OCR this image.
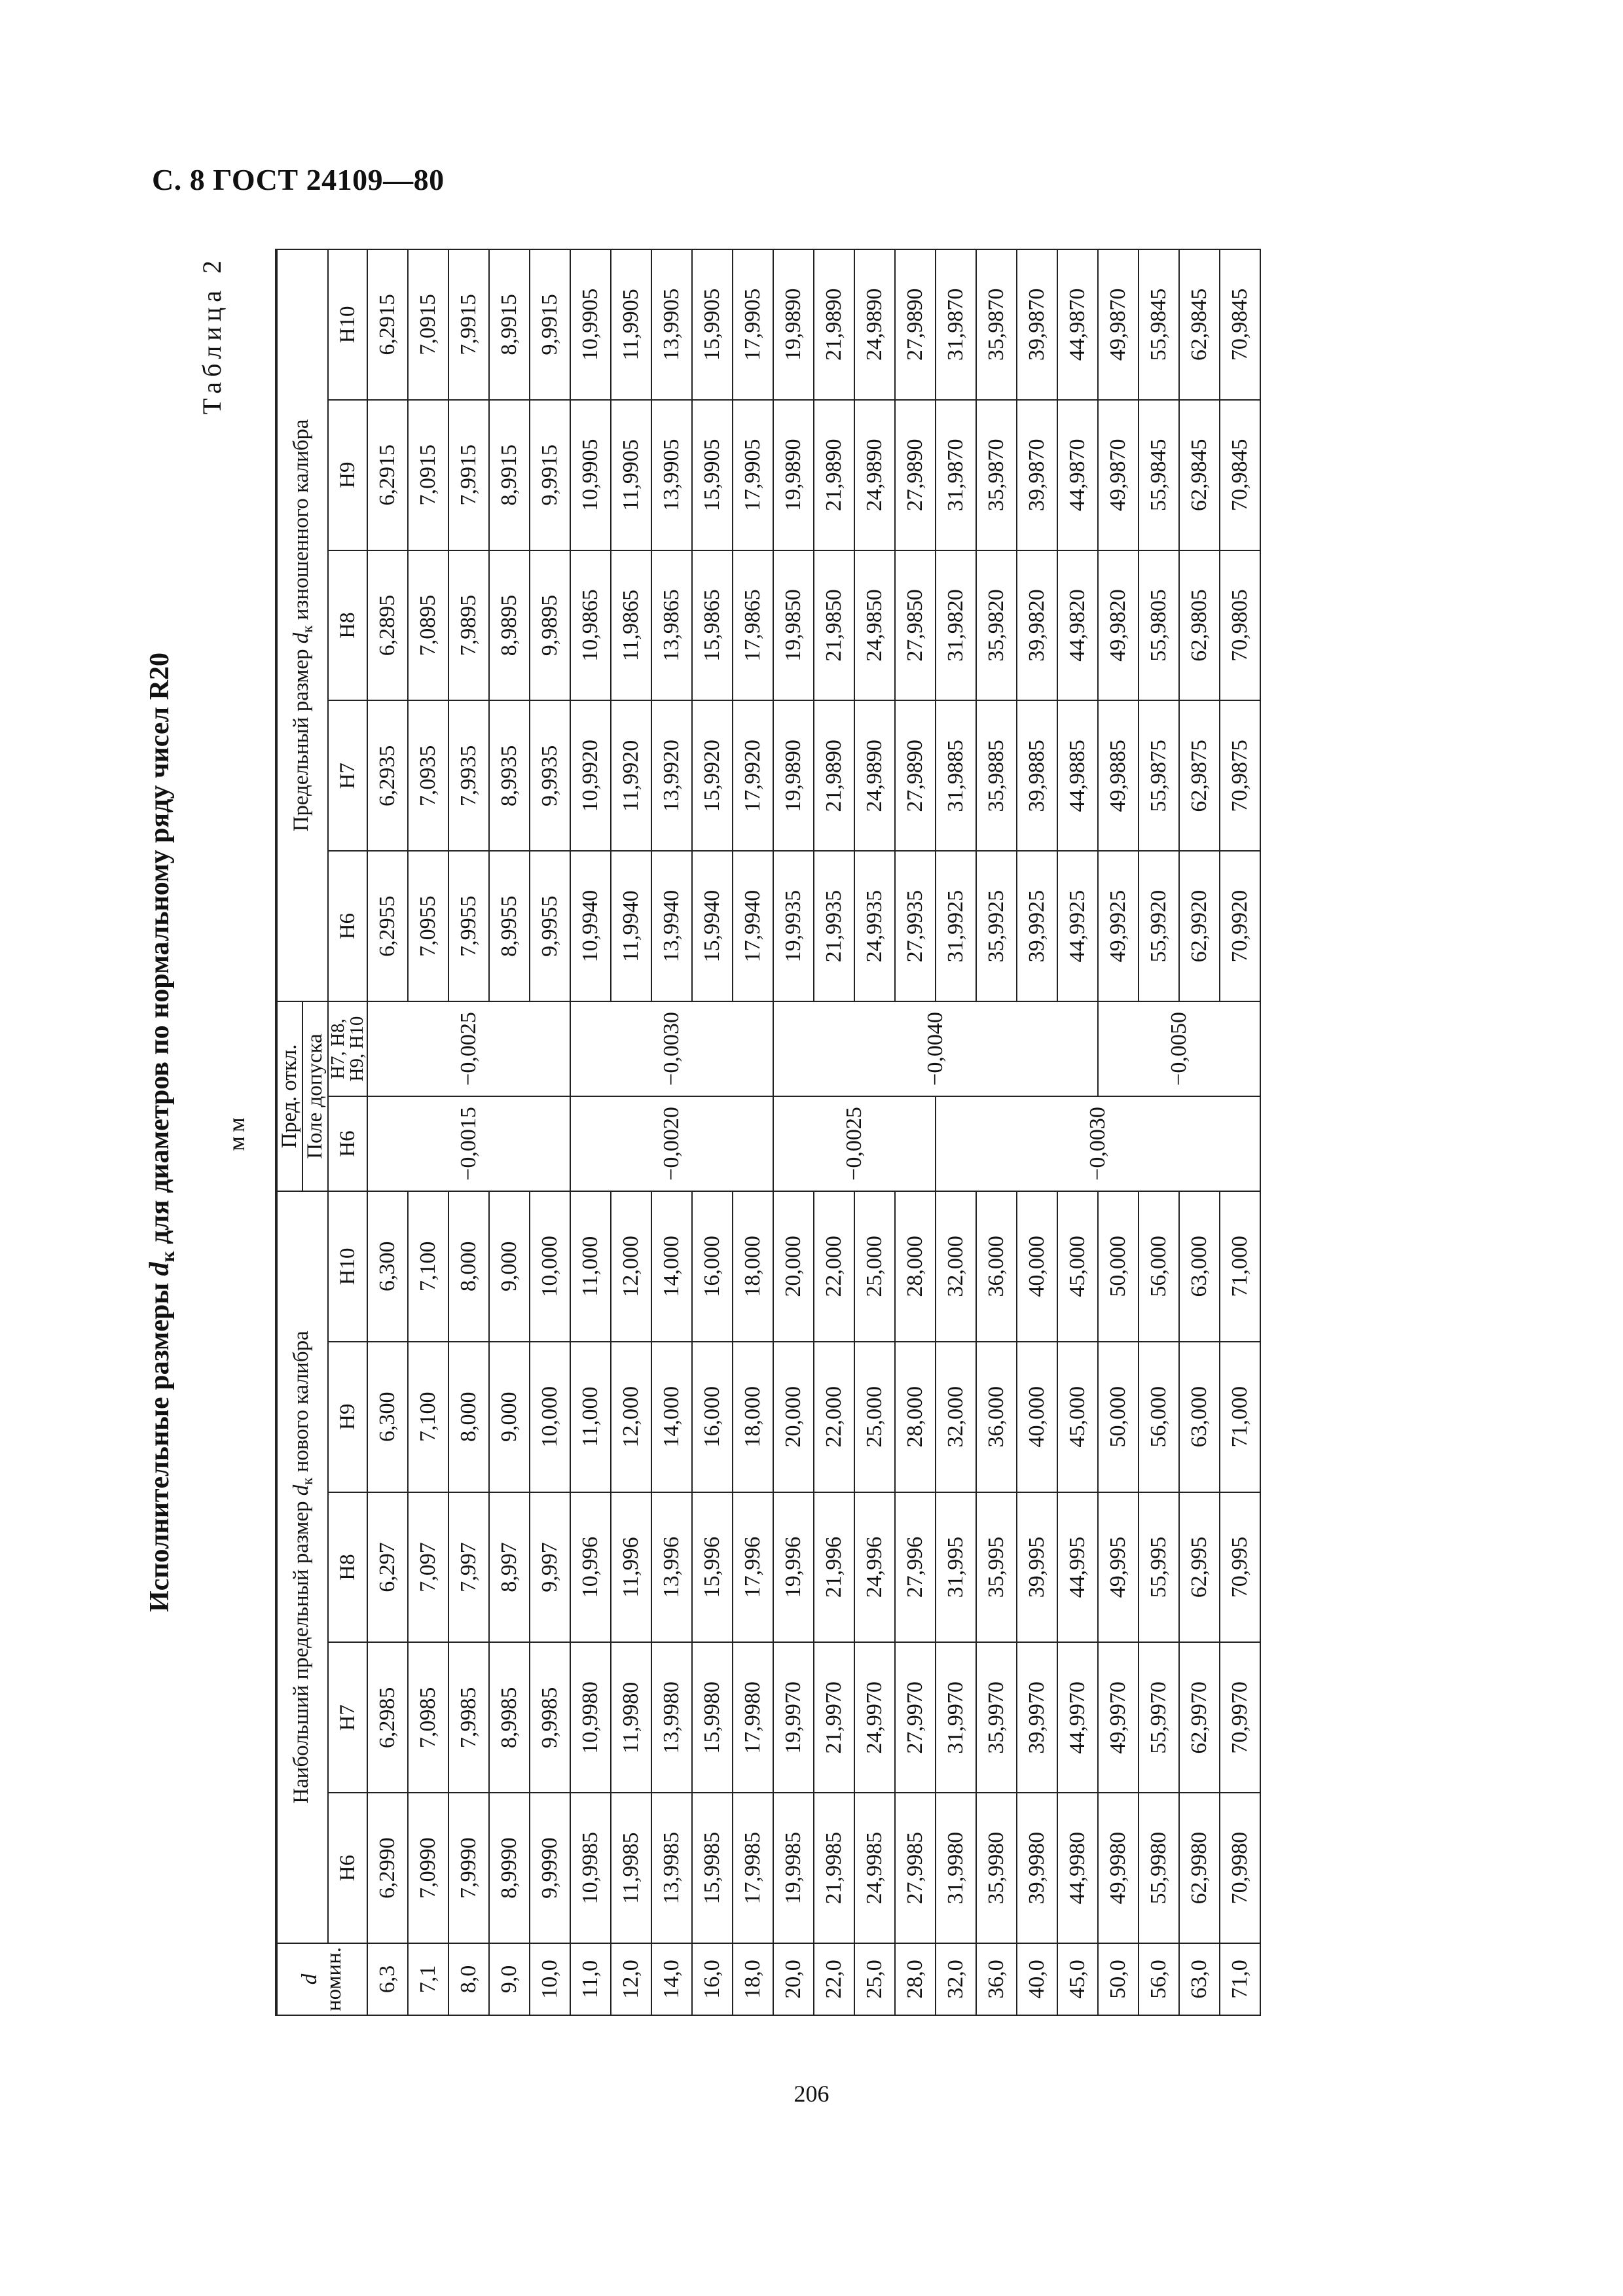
С. 8 ГОСТ 24109—80
Исполнительные размеры $d_к$ для диаметров по нормальному ряду чисел R20
Таблица 2
мм
d
номин.	Наибольший предельный размер $d_к$ нового калибра					Пред. откл.		Предельный размер $d_к$ изношенного калибра				
						Поле допуска						
	Н6	Н7	Н8	Н9	Н10	Н6	Н7, Н8, Н9, Н10	Н6	Н7	Н8	Н9	Н10
6,3	6,2990	6,2985	6,297	6,300	6,300	−0,0015	−0,0025	6,2955	6,2935	6,2895	6,2915	6,2915
7,1	7,0990	7,0985	7,097	7,100	7,100			7,0955	7,0935	7,0895	7,0915	7,0915
8,0	7,9990	7,9985	7,997	8,000	8,000			7,9955	7,9935	7,9895	7,9915	7,9915
9,0	8,9990	8,9985	8,997	9,000	9,000			8,9955	8,9935	8,9895	8,9915	8,9915
10,0	9,9990	9,9985	9,997	10,000	10,000			9,9955	9,9935	9,9895	9,9915	9,9915
11,0	10,9985	10,9980	10,996	11,000	11,000	−0,0020	−0,0030	10,9940	10,9920	10,9865	10,9905	10,9905
12,0	11,9985	11,9980	11,996	12,000	12,000			11,9940	11,9920	11,9865	11,9905	11,9905
14,0	13,9985	13,9980	13,996	14,000	14,000			13,9940	13,9920	13,9865	13,9905	13,9905
16,0	15,9985	15,9980	15,996	16,000	16,000			15,9940	15,9920	15,9865	15,9905	15,9905
18,0	17,9985	17,9980	17,996	18,000	18,000			17,9940	17,9920	17,9865	17,9905	17,9905
20,0	19,9985	19,9970	19,996	20,000	20,000	−0,0025	−0,0040	19,9935	19,9890	19,9850	19,9890	19,9890
22,0	21,9985	21,9970	21,996	22,000	22,000			21,9935	21,9890	21,9850	21,9890	21,9890
25,0	24,9985	24,9970	24,996	25,000	25,000			24,9935	24,9890	24,9850	24,9890	24,9890
28,0	27,9985	27,9970	27,996	28,000	28,000			27,9935	27,9890	27,9850	27,9890	27,9890
32,0	31,9980	31,9970	31,995	32,000	32,000	−0,0030		31,9925	31,9885	31,9820	31,9870	31,9870
36,0	35,9980	35,9970	35,995	36,000	36,000			35,9925	35,9885	35,9820	35,9870	35,9870
40,0	39,9980	39,9970	39,995	40,000	40,000			39,9925	39,9885	39,9820	39,9870	39,9870
45,0	44,9980	44,9970	44,995	45,000	45,000			44,9925	44,9885	44,9820	44,9870	44,9870
50,0	49,9980	49,9970	49,995	50,000	50,000		−0,0050	49,9925	49,9885	49,9820	49,9870	49,9870
56,0	55,9980	55,9970	55,995	56,000	56,000			55,9920	55,9875	55,9805	55,9845	55,9845
63,0	62,9980	62,9970	62,995	63,000	63,000			62,9920	62,9875	62,9805	62,9845	62,9845
71,0	70,9980	70,9970	70,995	71,000	71,000			70,9920	70,9875	70,9805	70,9845	70,9845
206
